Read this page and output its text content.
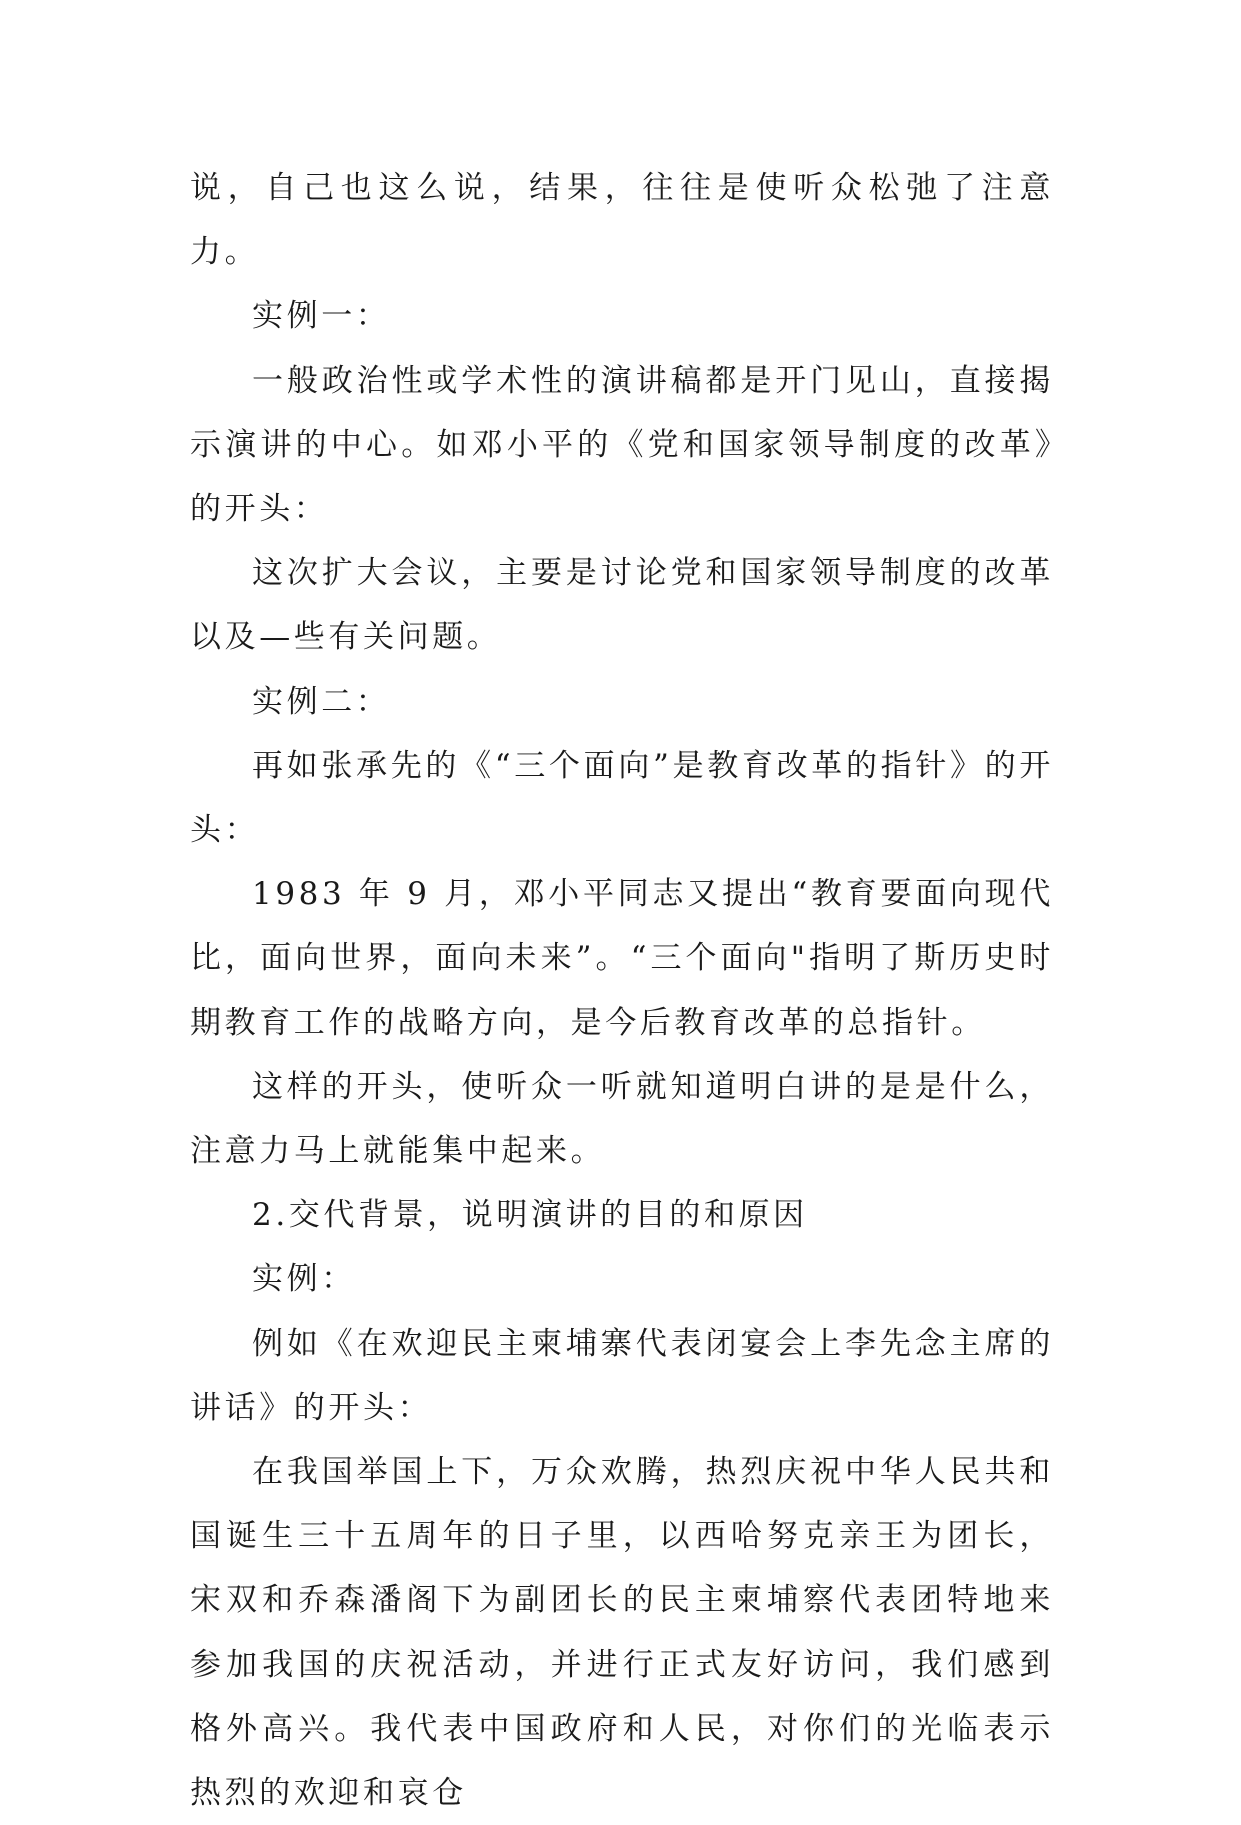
说，自己也这么说，结果，往往是使听众松弛了注意力。

实例一：

一般政治性或学术性的演讲稿都是开门见山，直接揭示演讲的中心。如邓小平的《党和国家领导制度的改革》的开头：

这次扩大会议，主要是讨论党和国家领导制度的改革以及—些有关问题。

实例二：

再如张承先的《“三个面向”是教育改革的指针》的开头：

1983 年 9 月，邓小平同志又提出“教育要面向现代比，面向世界，面向未来”。“三个面向"指明了斯历史时期教育工作的战略方向，是今后教育改革的总指针。

这样的开头，使听众一听就知道明白讲的是是什么，注意力马上就能集中起来。

2.交代背景，说明演讲的目的和原因

实例：

例如《在欢迎民主柬埔寨代表闭宴会上李先念主席的讲话》的开头：

在我国举国上下，万众欢腾，热烈庆祝中华人民共和国诞生三十五周年的日子里，以西哈努克亲王为团长，宋双和乔森潘阁下为副团长的民主柬埔察代表团特地来参加我国的庆祝活动，并进行正式友好访问，我们感到格外高兴。我代表中国政府和人民，对你们的光临表示热烈的欢迎和哀仓
